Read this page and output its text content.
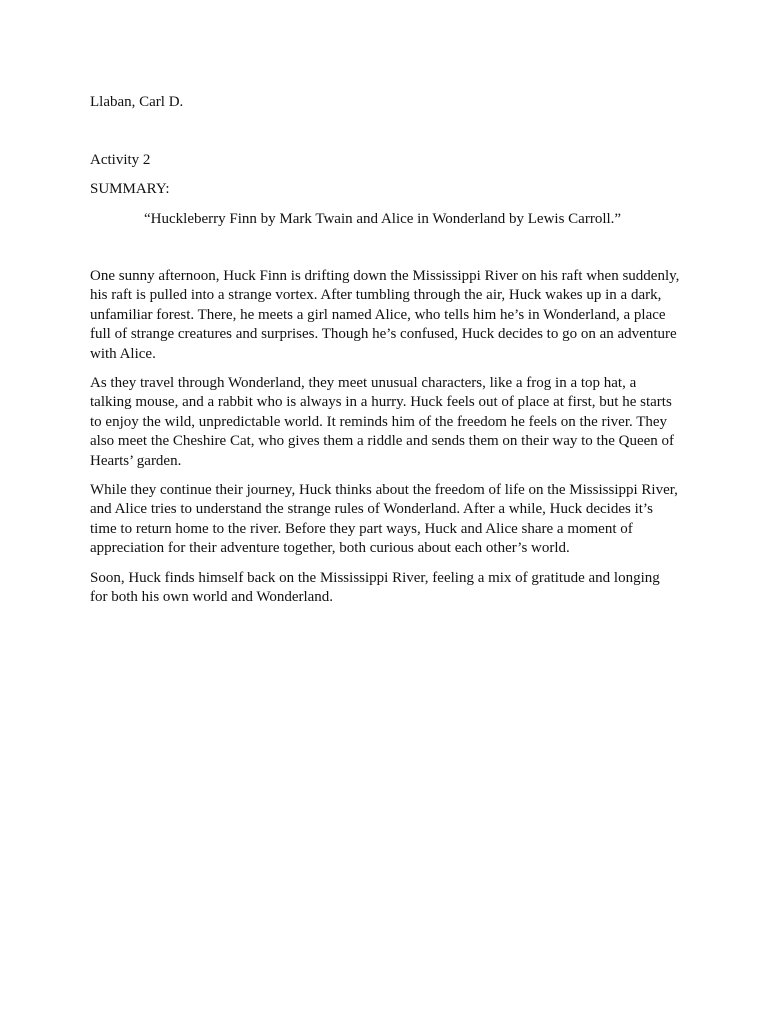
Llaban, Carl D.

Activity 2

SUMMARY:

“Huckleberry Finn by Mark Twain and Alice in Wonderland by Lewis Carroll.”

One sunny afternoon, Huck Finn is drifting down the Mississippi River on his raft when suddenly, his raft is pulled into a strange vortex. After tumbling through the air, Huck wakes up in a dark, unfamiliar forest. There, he meets a girl named Alice, who tells him he’s in Wonderland, a place full of strange creatures and surprises. Though he’s confused, Huck decides to go on an adventure with Alice.

As they travel through Wonderland, they meet unusual characters, like a frog in a top hat, a talking mouse, and a rabbit who is always in a hurry. Huck feels out of place at first, but he starts to enjoy the wild, unpredictable world. It reminds him of the freedom he feels on the river. They also meet the Cheshire Cat, who gives them a riddle and sends them on their way to the Queen of Hearts’ garden.

While they continue their journey, Huck thinks about the freedom of life on the Mississippi River, and Alice tries to understand the strange rules of Wonderland. After a while, Huck decides it’s time to return home to the river. Before they part ways, Huck and Alice share a moment of appreciation for their adventure together, both curious about each other’s world.

Soon, Huck finds himself back on the Mississippi River, feeling a mix of gratitude and longing for both his own world and Wonderland.
